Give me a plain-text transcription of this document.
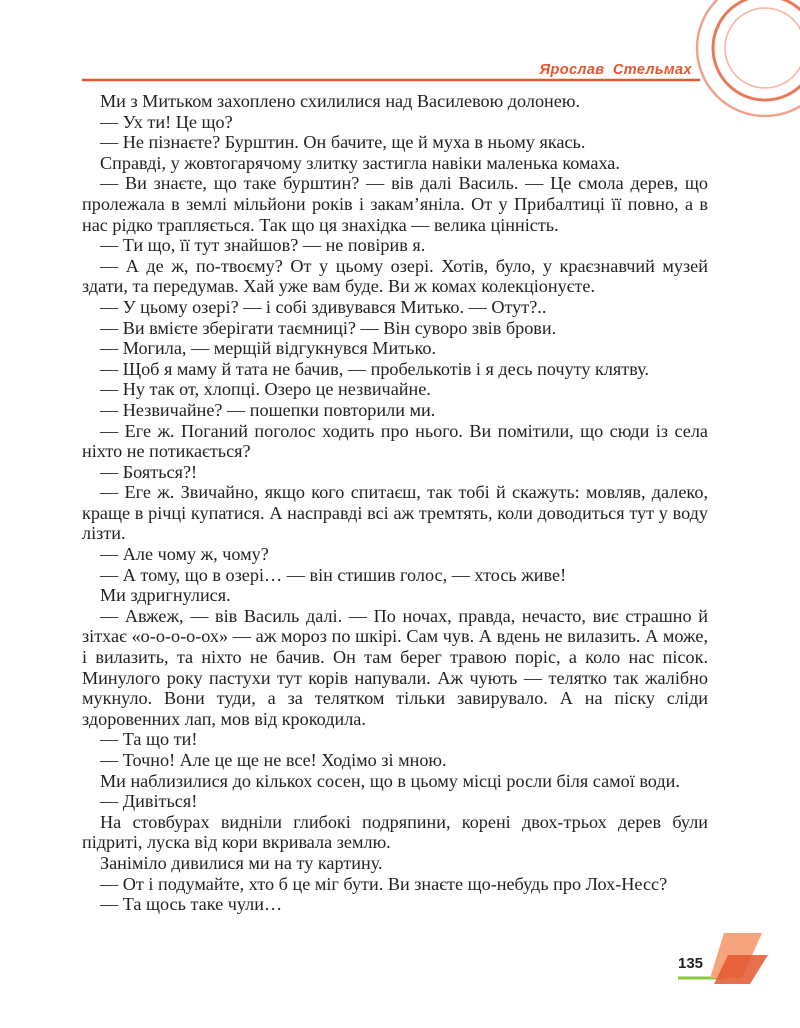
Ярослав Стельмах

Ми з Митьком захоплено схилилися над Василевою долонею.

— Ух ти! Це що?

— Не пізнаєте? Бурштин. Он бачите, ще й муха в ньому якась.

Справді, у жовтогарячому злитку застигла навіки маленька комаха.

— Ви знаєте, що таке бурштин? — вів далі Василь. — Це смола дерев, що пролежала в землі мільйони років і закам’яніла. От у Прибалтиці її повно, а в нас рідко трапляється. Так що ця знахідка — велика цінність.

— Ти що, її тут знайшов? — не повірив я.

— А де ж, по-твоєму? От у цьому озері. Хотів, було, у краєзнавчий музей здати, та передумав. Хай уже вам буде. Ви ж комах колекціонуєте.

— У цьому озері? — і собі здивувався Митько. — Отут?..

— Ви вмієте зберігати таємниці? — Він суворо звів брови.

— Могила, — мерщій відгукнувся Митько.

— Щоб я маму й тата не бачив, — пробелькотів і я десь почуту клятву.

— Ну так от, хлопці. Озеро це незвичайне.

— Незвичайне? — пошепки повторили ми.

— Еге ж. Поганий поголос ходить про нього. Ви помітили, що сюди із села ніхто не потикається?

— Бояться?!

— Еге ж. Звичайно, якщо кого спитаєш, так тобі й скажуть: мовляв, далеко, краще в річці купатися. А насправді всі аж тремтять, коли доводиться тут у воду лізти.

— Але чому ж, чому?

— А тому, що в озері… — він стишив голос, — хтось живе!

Ми здригнулися.

— Авжеж, — вів Василь далі. — По ночах, правда, нечасто, виє страшно й зітхає «о-о-о-о-ох» — аж мороз по шкірі. Сам чув. А вдень не вилазить. А може, і вилазить, та ніхто не бачив. Он там берег травою поріс, а коло нас пісок. Минулого року пастухи тут корів напували. Аж чують — телятко так жалібно мукнуло. Вони туди, а за телятком тільки завирувало. А на піску сліди здоровенних лап, мов від крокодила.

— Та що ти!

— Точно! Але це ще не все! Ходімо зі мною.

Ми наблизилися до кількох сосен, що в цьому місці росли біля самої води.

— Дивіться!

На стовбурах видніли глибокі подряпини, корені двох-трьох дерев були підриті, луска від кори вкривала землю.

Заніміло дивилися ми на ту картину.

— От і подумайте, хто б це міг бути. Ви знаєте що-небудь про Лох-Несс?

— Та щось таке чули…

135
